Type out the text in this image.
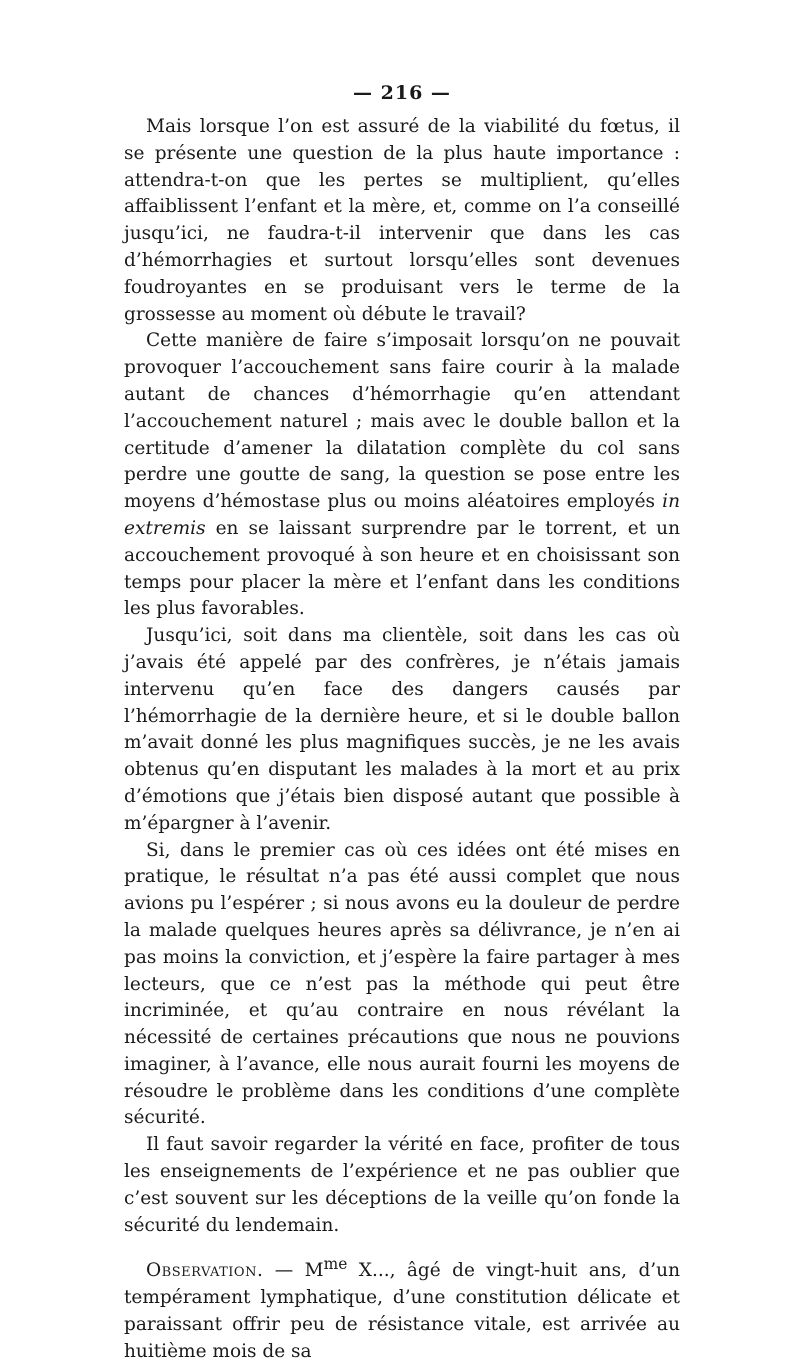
— 216 —

Mais lorsque l’on est assuré de la viabilité du fœtus, il se présente une question de la plus haute importance : attendra-t-on que les pertes se multiplient, qu’elles affaiblissent l’enfant et la mère, et, comme on l’a conseillé jusqu’ici, ne faudra-t-il intervenir que dans les cas d’hémorrhagies et surtout lorsqu’elles sont devenues foudroyantes en se produisant vers le terme de la grossesse au moment où débute le travail?

Cette manière de faire s’imposait lorsqu’on ne pouvait provoquer l’accouchement sans faire courir à la malade autant de chances d’hémorrhagie qu’en attendant l’accouchement naturel ; mais avec le double ballon et la certitude d’amener la dilatation complète du col sans perdre une goutte de sang, la question se pose entre les moyens d’hémostase plus ou moins aléatoires employés in extremis en se laissant surprendre par le torrent, et un accouchement provoqué à son heure et en choisissant son temps pour placer la mère et l’enfant dans les conditions les plus favorables.

Jusqu’ici, soit dans ma clientèle, soit dans les cas où j’avais été appelé par des confrères, je n’étais jamais intervenu qu’en face des dangers causés par l’hémorrhagie de la dernière heure, et si le double ballon m’avait donné les plus magnifiques succès, je ne les avais obtenus qu’en disputant les malades à la mort et au prix d’émotions que j’étais bien disposé autant que possible à m’épargner à l’avenir.

Si, dans le premier cas où ces idées ont été mises en pratique, le résultat n’a pas été aussi complet que nous avions pu l’espérer ; si nous avons eu la douleur de perdre la malade quelques heures après sa délivrance, je n’en ai pas moins la conviction, et j’espère la faire partager à mes lecteurs, que ce n’est pas la méthode qui peut être incriminée, et qu’au contraire en nous révélant la nécessité de certaines précautions que nous ne pouvions imaginer, à l’avance, elle nous aurait fourni les moyens de résoudre le problème dans les conditions d’une complète sécurité.

Il faut savoir regarder la vérité en face, profiter de tous les enseignements de l’expérience et ne pas oublier que c’est souvent sur les déceptions de la veille qu’on fonde la sécurité du lendemain.

Observation. — $M^{me}$ X..., âgé de vingt-huit ans, d’un tempérament lymphatique, d’une constitution délicate et paraissant offrir peu de résistance vitale, est arrivée au huitième mois de sa
